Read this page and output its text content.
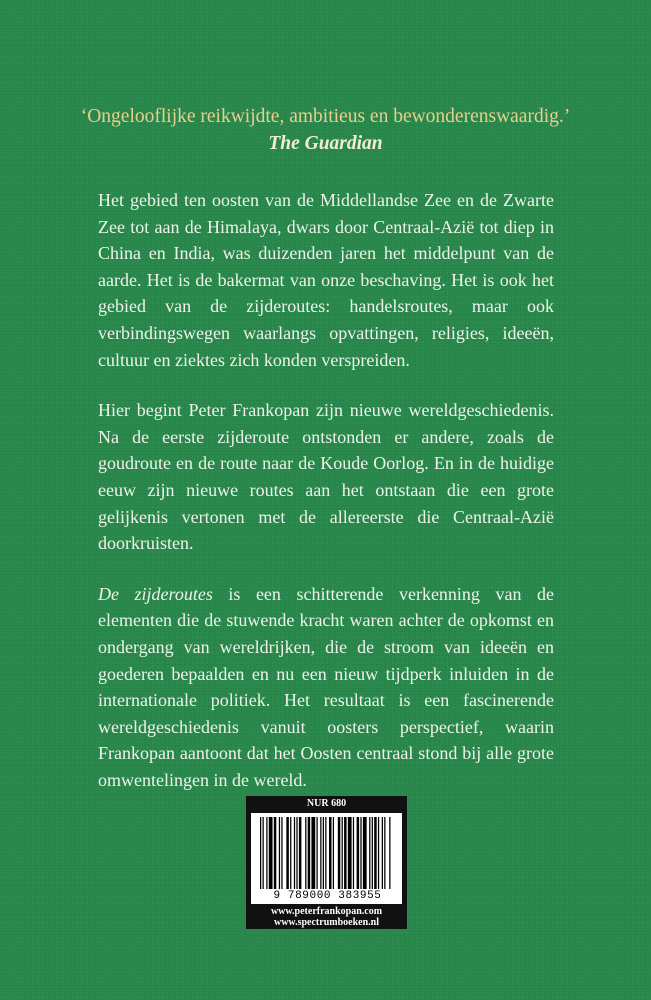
‘Ongelooflijke reikwijdte, ambitieus en bewonderenswaardig.’
The Guardian

Het gebied ten oosten van de Middellandse Zee en de Zwarte Zee tot aan de Himalaya, dwars door Centraal-Azië tot diep in China en India, was duizenden jaren het middelpunt van de aarde. Het is de bakermat van onze beschaving. Het is ook het gebied van de zijderoutes: handelsroutes, maar ook verbindingswegen waarlangs opvattingen, religies, ideeën, cultuur en ziektes zich konden verspreiden.

Hier begint Peter Frankopan zijn nieuwe wereldgeschiedenis. Na de eerste zijderoute ontstonden er andere, zoals de goudroute en de route naar de Koude Oorlog. En in de huidige eeuw zijn nieuwe routes aan het ontstaan die een grote gelijkenis vertonen met de allereerste die Centraal-Azië doorkruisten.

De zijderoutes is een schitterende verkenning van de elementen die de stuwende kracht waren achter de opkomst en ondergang van wereldrijken, die de stroom van ideeën en goederen bepaalden en nu een nieuw tijdperk inluiden in de internationale politiek. Het resultaat is een fascinerende wereldgeschiedenis vanuit oosters perspectief, waarin Frankopan aantoont dat het Oosten centraal stond bij alle grote omwentelingen in de wereld.

NUR 680
9 789000 383955
www.peterfrankopan.com
www.spectrumboeken.nl
